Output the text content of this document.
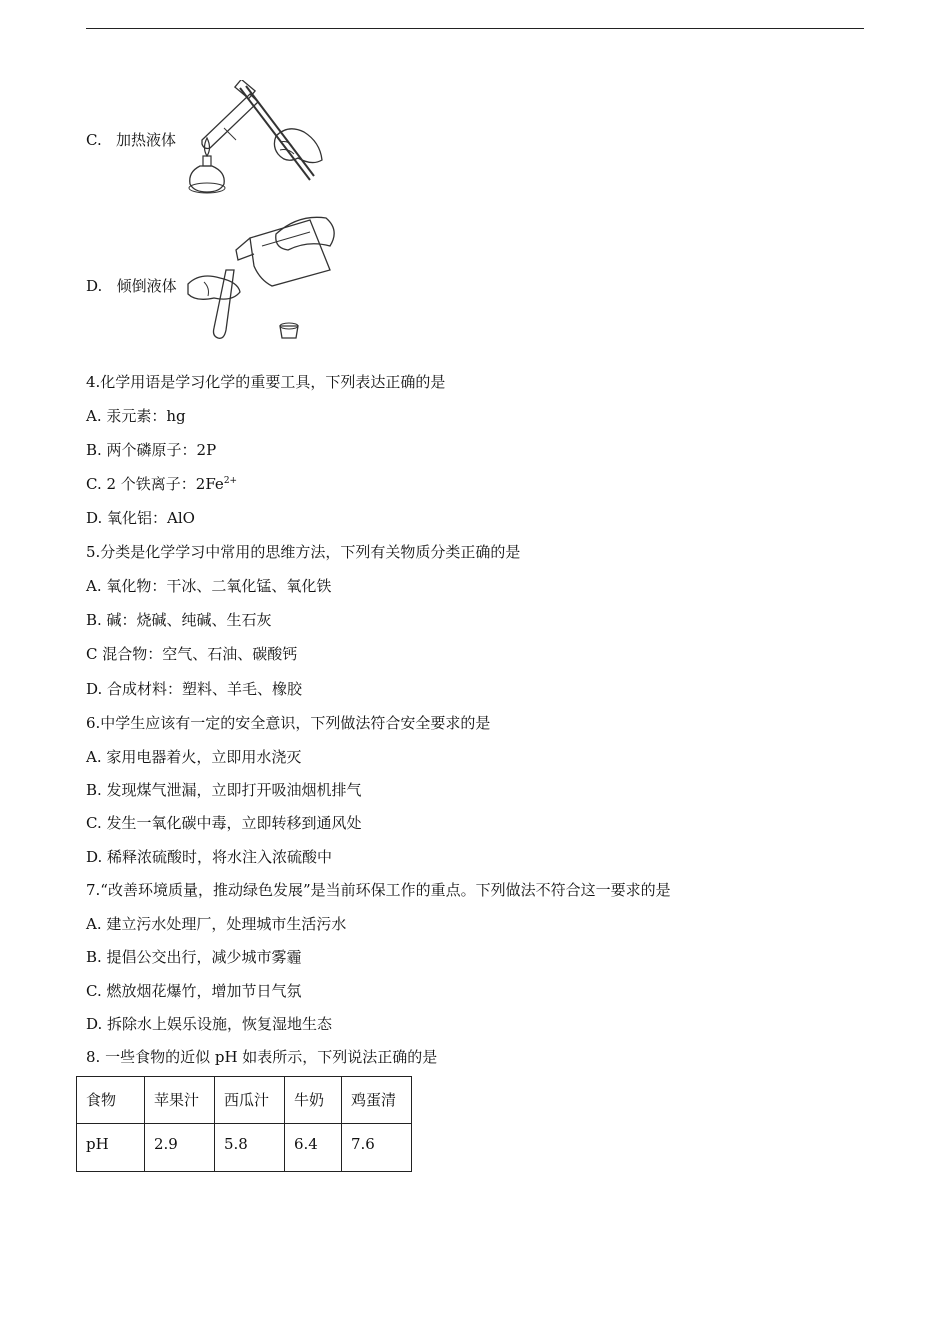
C. 加热液体
D. 倾倒液体
4.化学用语是学习化学的重要工具，下列表达正确的是
A. 汞元素：hg
B. 两个磷原子：2P
C. 2 个铁离子：$2Fe^{2+}$
D. 氧化铝：AlO
5.分类是化学学习中常用的思维方法，下列有关物质分类正确的是
A. 氧化物：干冰、二氧化锰、氧化铁
B. 碱：烧碱、纯碱、生石灰
C 混合物：空气、石油、碳酸钙
D. 合成材料：塑料、羊毛、橡胶
6.中学生应该有一定的安全意识，下列做法符合安全要求的是
A. 家用电器着火，立即用水浇灭
B. 发现煤气泄漏，立即打开吸油烟机排气
C. 发生一氧化碳中毒，立即转移到通风处
D. 稀释浓硫酸时，将水注入浓硫酸中
7.“改善环境质量，推动绿色发展”是当前环保工作的重点。下列做法不符合这一要求的是
A. 建立污水处理厂，处理城市生活污水
B. 提倡公交出行，减少城市雾霾
C. 燃放烟花爆竹，增加节日气氛
D. 拆除水上娱乐设施，恢复湿地生态
8. 一些食物的近似 pH 如表所示，下列说法正确的是
食物	苹果汁	西瓜汁	牛奶	鸡蛋清
pH	2.9	5.8	6.4	7.6
